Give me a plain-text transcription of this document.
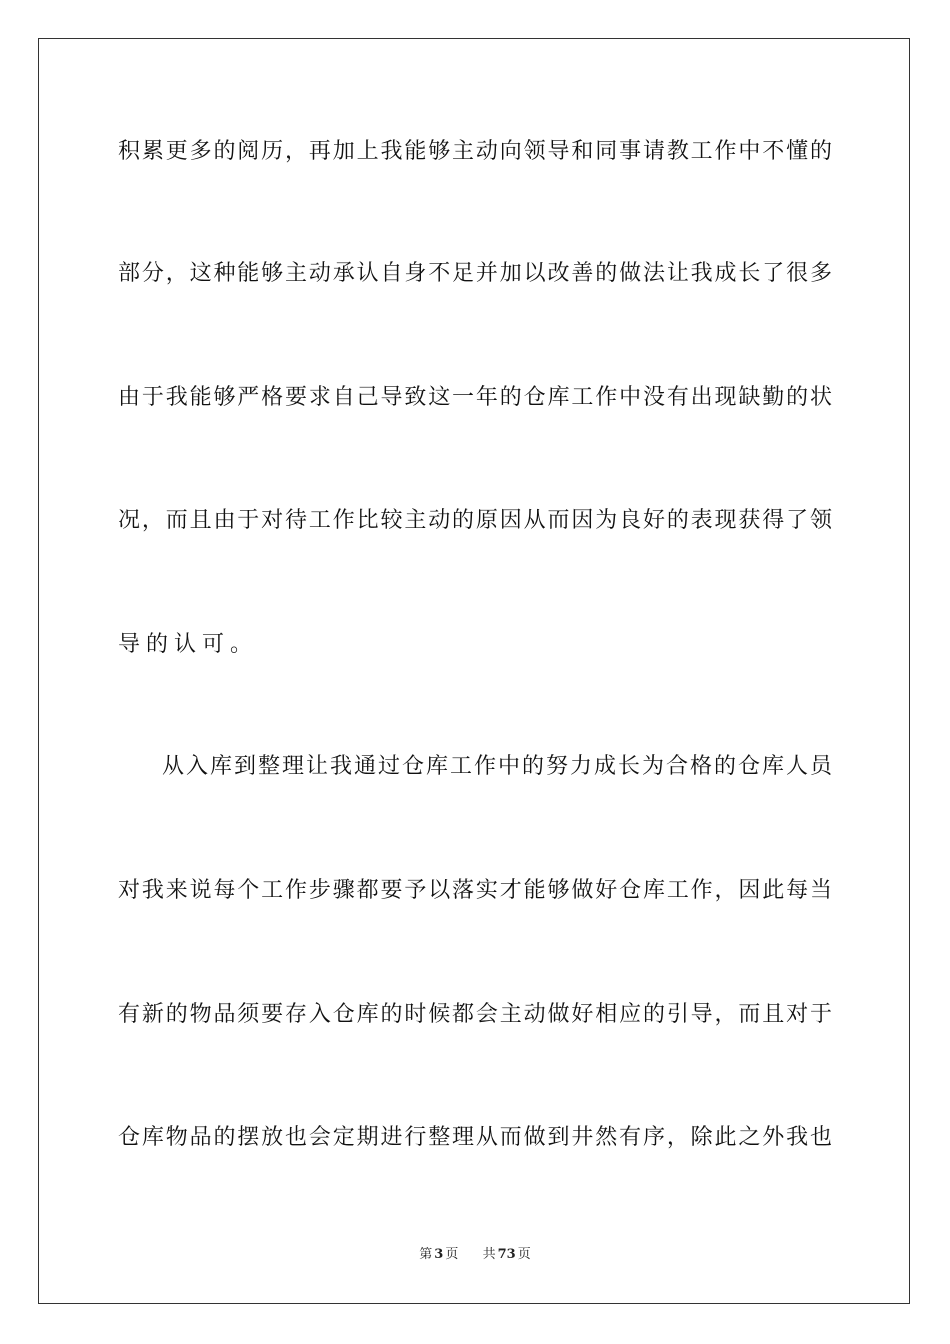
积累更多的阅历，再加上我能够主动向领导和同事请教工作中不懂的
部分，这种能够主动承认自身不足并加以改善的做法让我成长了很多
由于我能够严格要求自己导致这一年的仓库工作中没有出现缺勤的状
况，而且由于对待工作比较主动的原因从而因为良好的表现获得了领
导的认可。
从入库到整理让我通过仓库工作中的努力成长为合格的仓库人员
对我来说每个工作步骤都要予以落实才能够做好仓库工作，因此每当
有新的物品须要存入仓库的时候都会主动做好相应的引导，而且对于
仓库物品的摆放也会定期进行整理从而做到井然有序，除此之外我也
第 3 页 共 73 页
